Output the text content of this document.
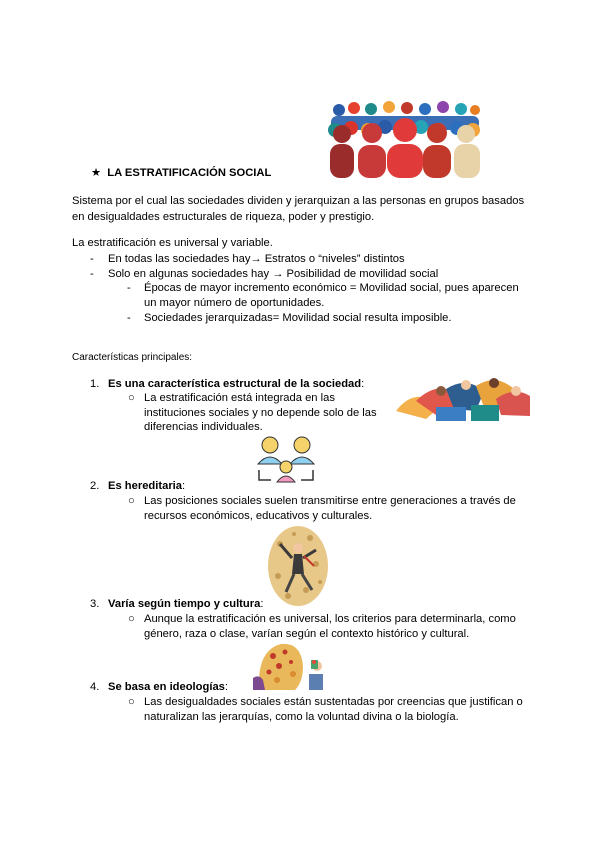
★ LA ESTRATIFICACIÓN SOCIAL
Sistema por el cual las sociedades dividen y jerarquizan a las personas en grupos basados
en desigualdades estructurales de riqueza, poder y prestigio.
La estratificación es universal y variable.
- En todas las sociedades hay→ Estratos o “niveles” distintos
- Solo en algunas sociedades hay → Posibilidad de movilidad social
- Épocas de mayor incremento económico = Movilidad social, pues aparecen
un mayor número de oportunidades.
- Sociedades jerarquizadas= Movilidad social resulta imposible.
Características principales:
1. Es una característica estructural de la sociedad:
○ La estratificación está integrada en las
instituciones sociales y no depende solo de las
diferencias individuales.
2. Es hereditaria:
○ Las posiciones sociales suelen transmitirse entre generaciones a través de
recursos económicos, educativos y culturales.
3. Varía según tiempo y cultura:
○ Aunque la estratificación es universal, los criterios para determinarla, como
género, raza o clase, varían según el contexto histórico y cultural.
4. Se basa en ideologías:
○ Las desigualdades sociales están sustentadas por creencias que justifican o
naturalizan las jerarquías, como la voluntad divina o la biología.
